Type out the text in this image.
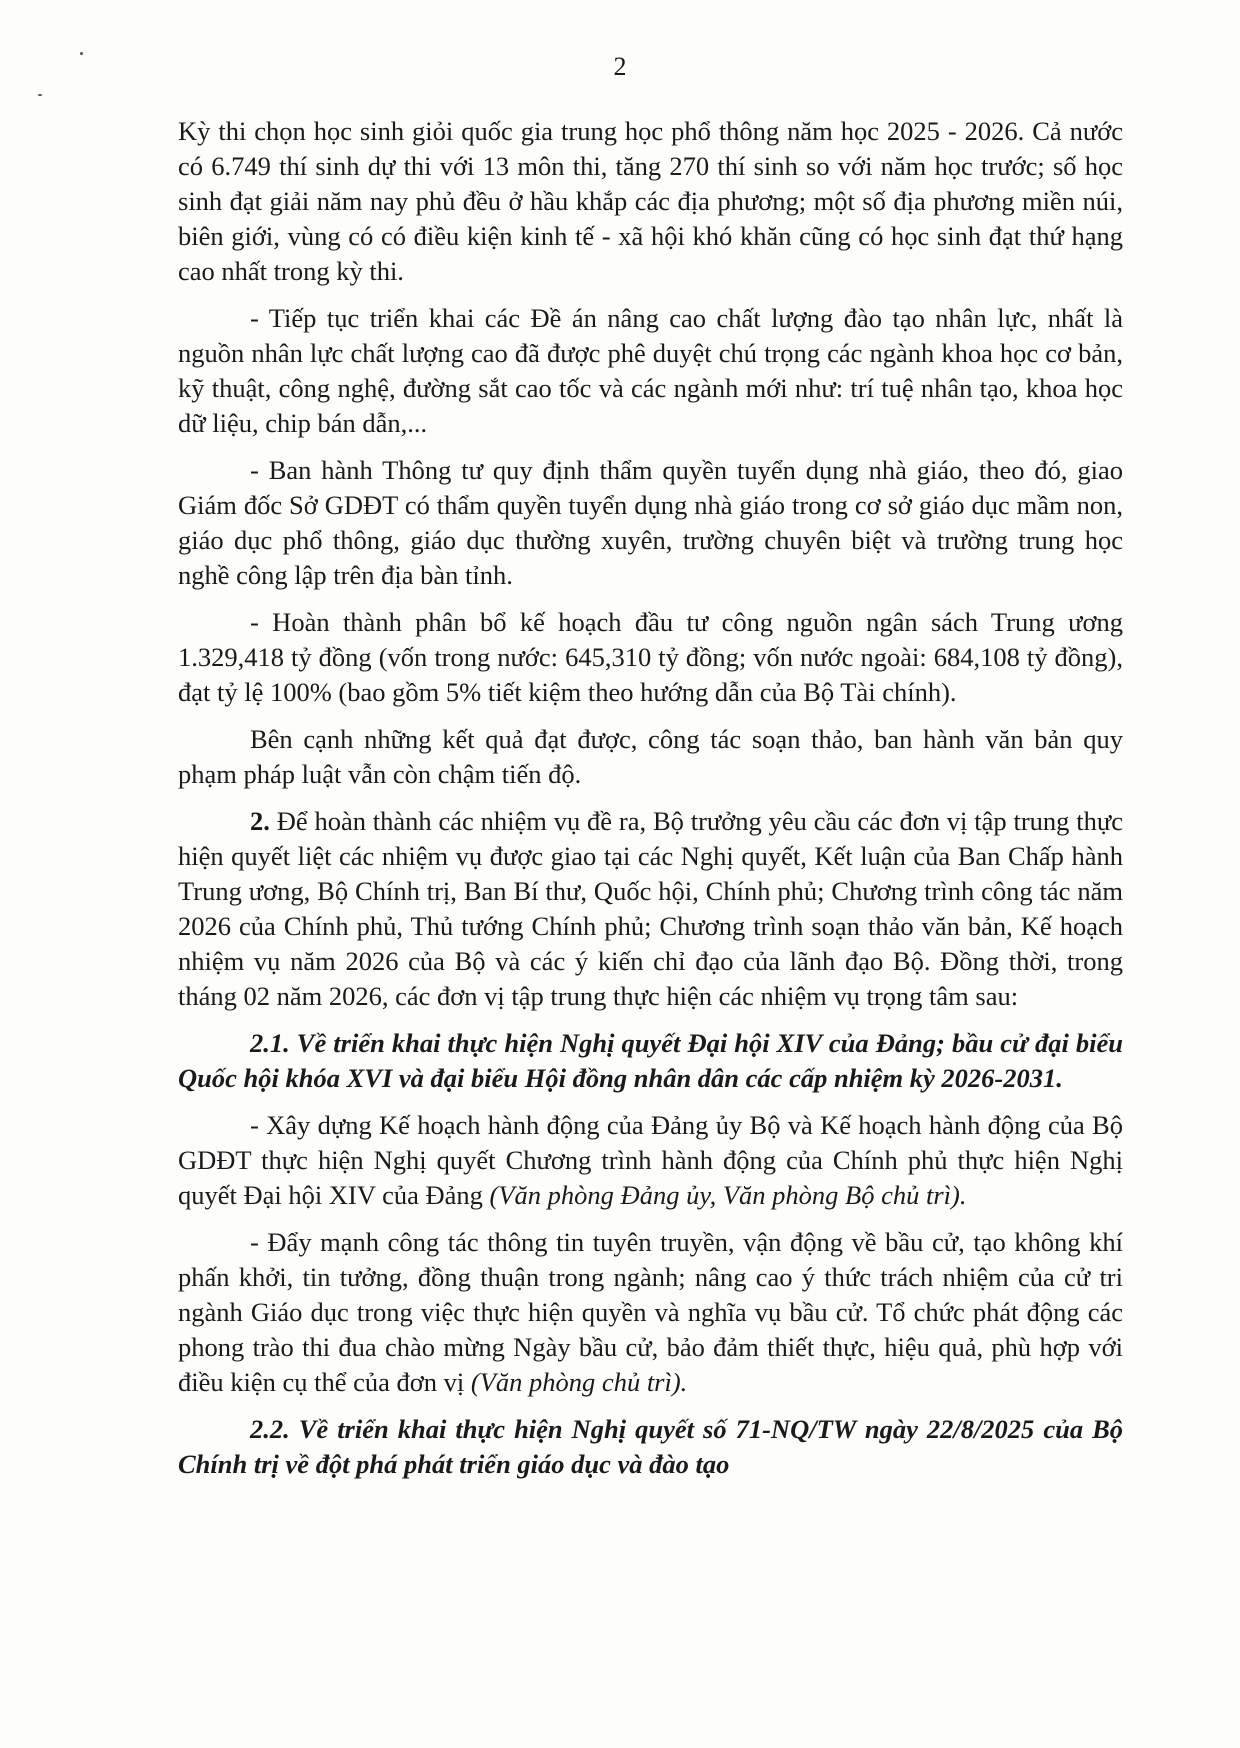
2

Kỳ thi chọn học sinh giỏi quốc gia trung học phổ thông năm học 2025 - 2026. Cả nước có 6.749 thí sinh dự thi với 13 môn thi, tăng 270 thí sinh so với năm học trước; số học sinh đạt giải năm nay phủ đều ở hầu khắp các địa phương; một số địa phương miền núi, biên giới, vùng có có điều kiện kinh tế - xã hội khó khăn cũng có học sinh đạt thứ hạng cao nhất trong kỳ thi.

- Tiếp tục triển khai các Đề án nâng cao chất lượng đào tạo nhân lực, nhất là nguồn nhân lực chất lượng cao đã được phê duyệt chú trọng các ngành khoa học cơ bản, kỹ thuật, công nghệ, đường sắt cao tốc và các ngành mới như: trí tuệ nhân tạo, khoa học dữ liệu, chip bán dẫn,...

- Ban hành Thông tư quy định thẩm quyền tuyển dụng nhà giáo, theo đó, giao Giám đốc Sở GDĐT có thẩm quyền tuyển dụng nhà giáo trong cơ sở giáo dục mầm non, giáo dục phổ thông, giáo dục thường xuyên, trường chuyên biệt và trường trung học nghề công lập trên địa bàn tỉnh.

- Hoàn thành phân bổ kế hoạch đầu tư công nguồn ngân sách Trung ương 1.329,418 tỷ đồng (vốn trong nước: 645,310 tỷ đồng; vốn nước ngoài: 684,108 tỷ đồng), đạt tỷ lệ 100% (bao gồm 5% tiết kiệm theo hướng dẫn của Bộ Tài chính).

Bên cạnh những kết quả đạt được, công tác soạn thảo, ban hành văn bản quy phạm pháp luật vẫn còn chậm tiến độ.

2. Để hoàn thành các nhiệm vụ đề ra, Bộ trưởng yêu cầu các đơn vị tập trung thực hiện quyết liệt các nhiệm vụ được giao tại các Nghị quyết, Kết luận của Ban Chấp hành Trung ương, Bộ Chính trị, Ban Bí thư, Quốc hội, Chính phủ; Chương trình công tác năm 2026 của Chính phủ, Thủ tướng Chính phủ; Chương trình soạn thảo văn bản, Kế hoạch nhiệm vụ năm 2026 của Bộ và các ý kiến chỉ đạo của lãnh đạo Bộ. Đồng thời, trong tháng 02 năm 2026, các đơn vị tập trung thực hiện các nhiệm vụ trọng tâm sau:

2.1. Về triển khai thực hiện Nghị quyết Đại hội XIV của Đảng; bầu cử đại biểu Quốc hội khóa XVI và đại biểu Hội đồng nhân dân các cấp nhiệm kỳ 2026-2031.

- Xây dựng Kế hoạch hành động của Đảng ủy Bộ và Kế hoạch hành động của Bộ GDĐT thực hiện Nghị quyết Chương trình hành động của Chính phủ thực hiện Nghị quyết Đại hội XIV của Đảng (Văn phòng Đảng ủy, Văn phòng Bộ chủ trì).

- Đẩy mạnh công tác thông tin tuyên truyền, vận động về bầu cử, tạo không khí phấn khởi, tin tưởng, đồng thuận trong ngành; nâng cao ý thức trách nhiệm của cử tri ngành Giáo dục trong việc thực hiện quyền và nghĩa vụ bầu cử. Tổ chức phát động các phong trào thi đua chào mừng Ngày bầu cử, bảo đảm thiết thực, hiệu quả, phù hợp với điều kiện cụ thể của đơn vị (Văn phòng chủ trì).

2.2. Về triển khai thực hiện Nghị quyết số 71-NQ/TW ngày 22/8/2025 của Bộ Chính trị về đột phá phát triển giáo dục và đào tạo
